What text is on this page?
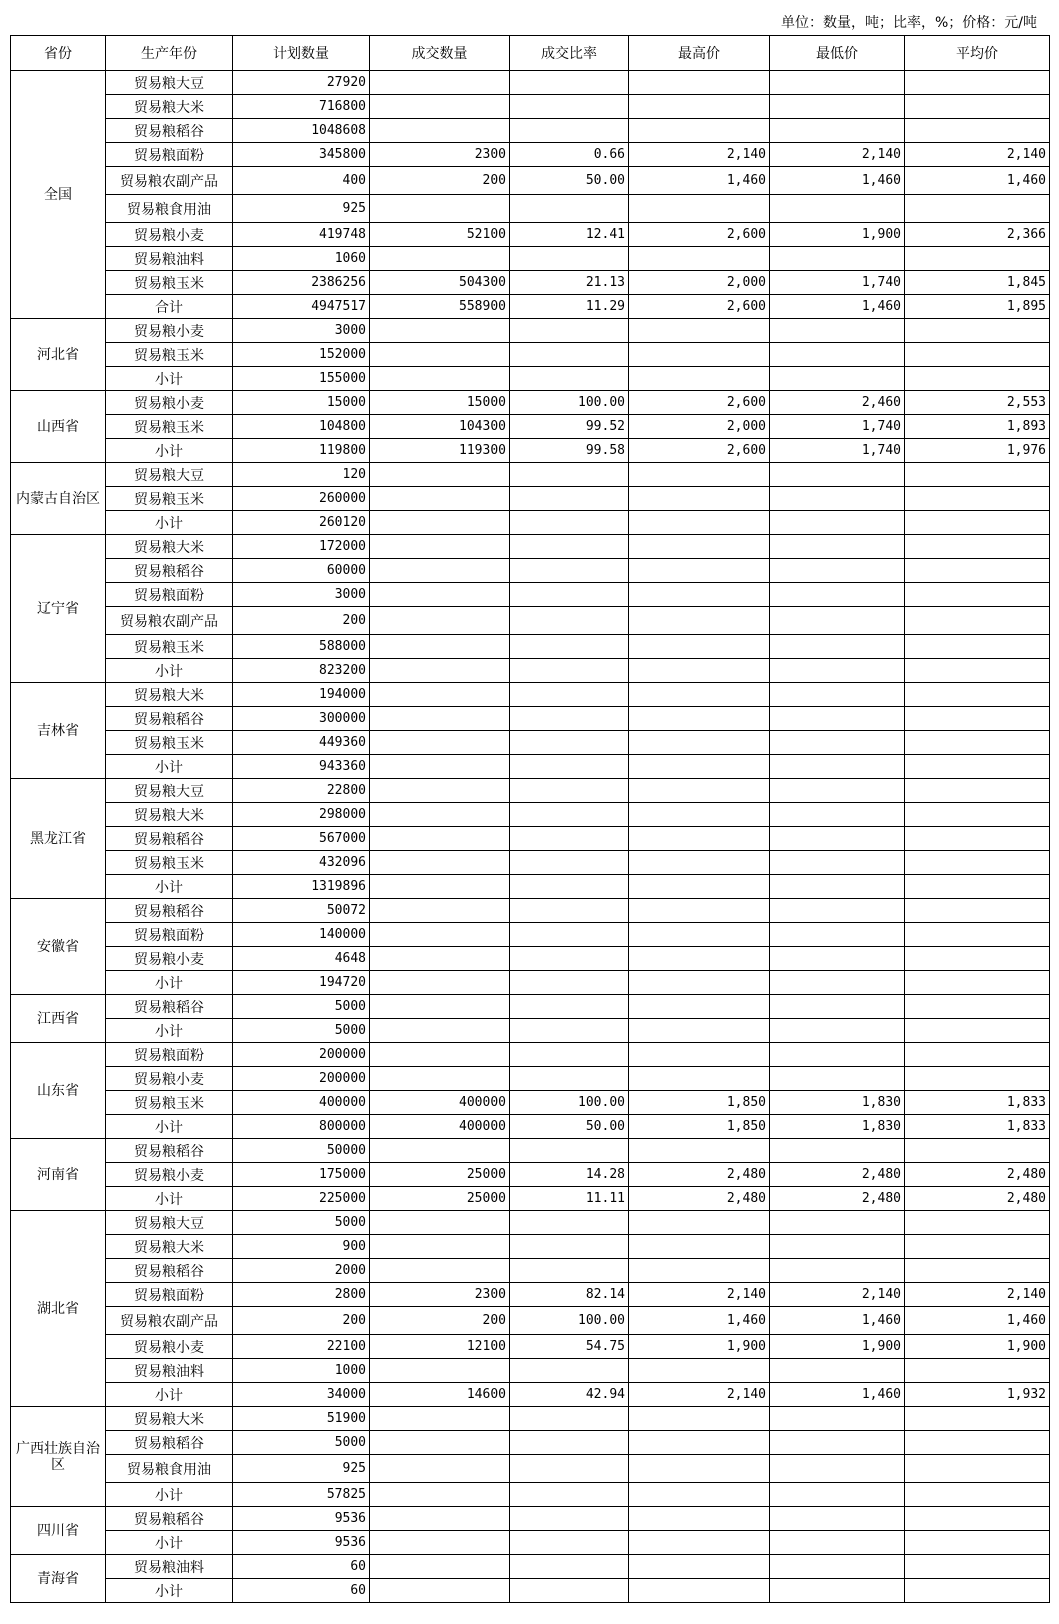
单位：数量，吨；比率，%；价格：元/吨
省份	生产年份	计划数量	成交数量	成交比率	最高价	最低价	平均价
全国	贸易粮大豆	27920					
	贸易粮大米	716800					
	贸易粮稻谷	1048608					
	贸易粮面粉	345800	2300	0.66	2,140	2,140	2,140
	贸易粮农副产品	400	200	50.00	1,460	1,460	1,460
	贸易粮食用油	925					
	贸易粮小麦	419748	52100	12.41	2,600	1,900	2,366
	贸易粮油料	1060					
	贸易粮玉米	2386256	504300	21.13	2,000	1,740	1,845
	合计	4947517	558900	11.29	2,600	1,460	1,895
河北省	贸易粮小麦	3000					
	贸易粮玉米	152000					
	小计	155000					
山西省	贸易粮小麦	15000	15000	100.00	2,600	2,460	2,553
	贸易粮玉米	104800	104300	99.52	2,000	1,740	1,893
	小计	119800	119300	99.58	2,600	1,740	1,976
内蒙古自治区	贸易粮大豆	120					
	贸易粮玉米	260000					
	小计	260120					
辽宁省	贸易粮大米	172000					
	贸易粮稻谷	60000					
	贸易粮面粉	3000					
	贸易粮农副产品	200					
	贸易粮玉米	588000					
	小计	823200					
吉林省	贸易粮大米	194000					
	贸易粮稻谷	300000					
	贸易粮玉米	449360					
	小计	943360					
黑龙江省	贸易粮大豆	22800					
	贸易粮大米	298000					
	贸易粮稻谷	567000					
	贸易粮玉米	432096					
	小计	1319896					
安徽省	贸易粮稻谷	50072					
	贸易粮面粉	140000					
	贸易粮小麦	4648					
	小计	194720					
江西省	贸易粮稻谷	5000					
	小计	5000					
山东省	贸易粮面粉	200000					
	贸易粮小麦	200000					
	贸易粮玉米	400000	400000	100.00	1,850	1,830	1,833
	小计	800000	400000	50.00	1,850	1,830	1,833
河南省	贸易粮稻谷	50000					
	贸易粮小麦	175000	25000	14.28	2,480	2,480	2,480
	小计	225000	25000	11.11	2,480	2,480	2,480
湖北省	贸易粮大豆	5000					
	贸易粮大米	900					
	贸易粮稻谷	2000					
	贸易粮面粉	2800	2300	82.14	2,140	2,140	2,140
	贸易粮农副产品	200	200	100.00	1,460	1,460	1,460
	贸易粮小麦	22100	12100	54.75	1,900	1,900	1,900
	贸易粮油料	1000					
	小计	34000	14600	42.94	2,140	1,460	1,932
广西壮族自治区	贸易粮大米	51900					
	贸易粮稻谷	5000					
	贸易粮食用油	925					
	小计	57825					
四川省	贸易粮稻谷	9536					
	小计	9536					
青海省	贸易粮油料	60					
	小计	60					
